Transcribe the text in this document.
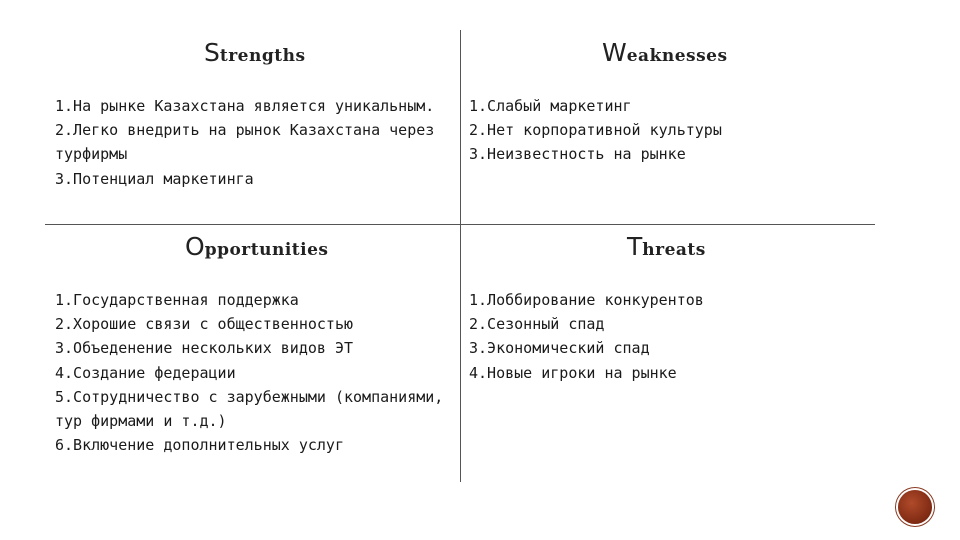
Strengths
1.На рынке Казахстана является уникальным.
2.Легко внедрить на рынок Казахстана через
турфирмы
3.Потенциал маркетинга
Weaknesses
1.Слабый маркетинг
2.Нет корпоративной культуры
3.Неизвестность на рынке
Opportunities
1.Государственная поддержка
2.Хорошие связи с общественностью
3.Объеденение нескольких видов ЭТ
4.Создание федерации
5.Сотрудничество с зарубежными (компаниями,
тур фирмами и т.д.)
6.Включение дополнительных услуг
Threats
1.Лоббирование конкурентов
2.Сезонный спад
3.Экономический спад
4.Новые игроки на рынке
